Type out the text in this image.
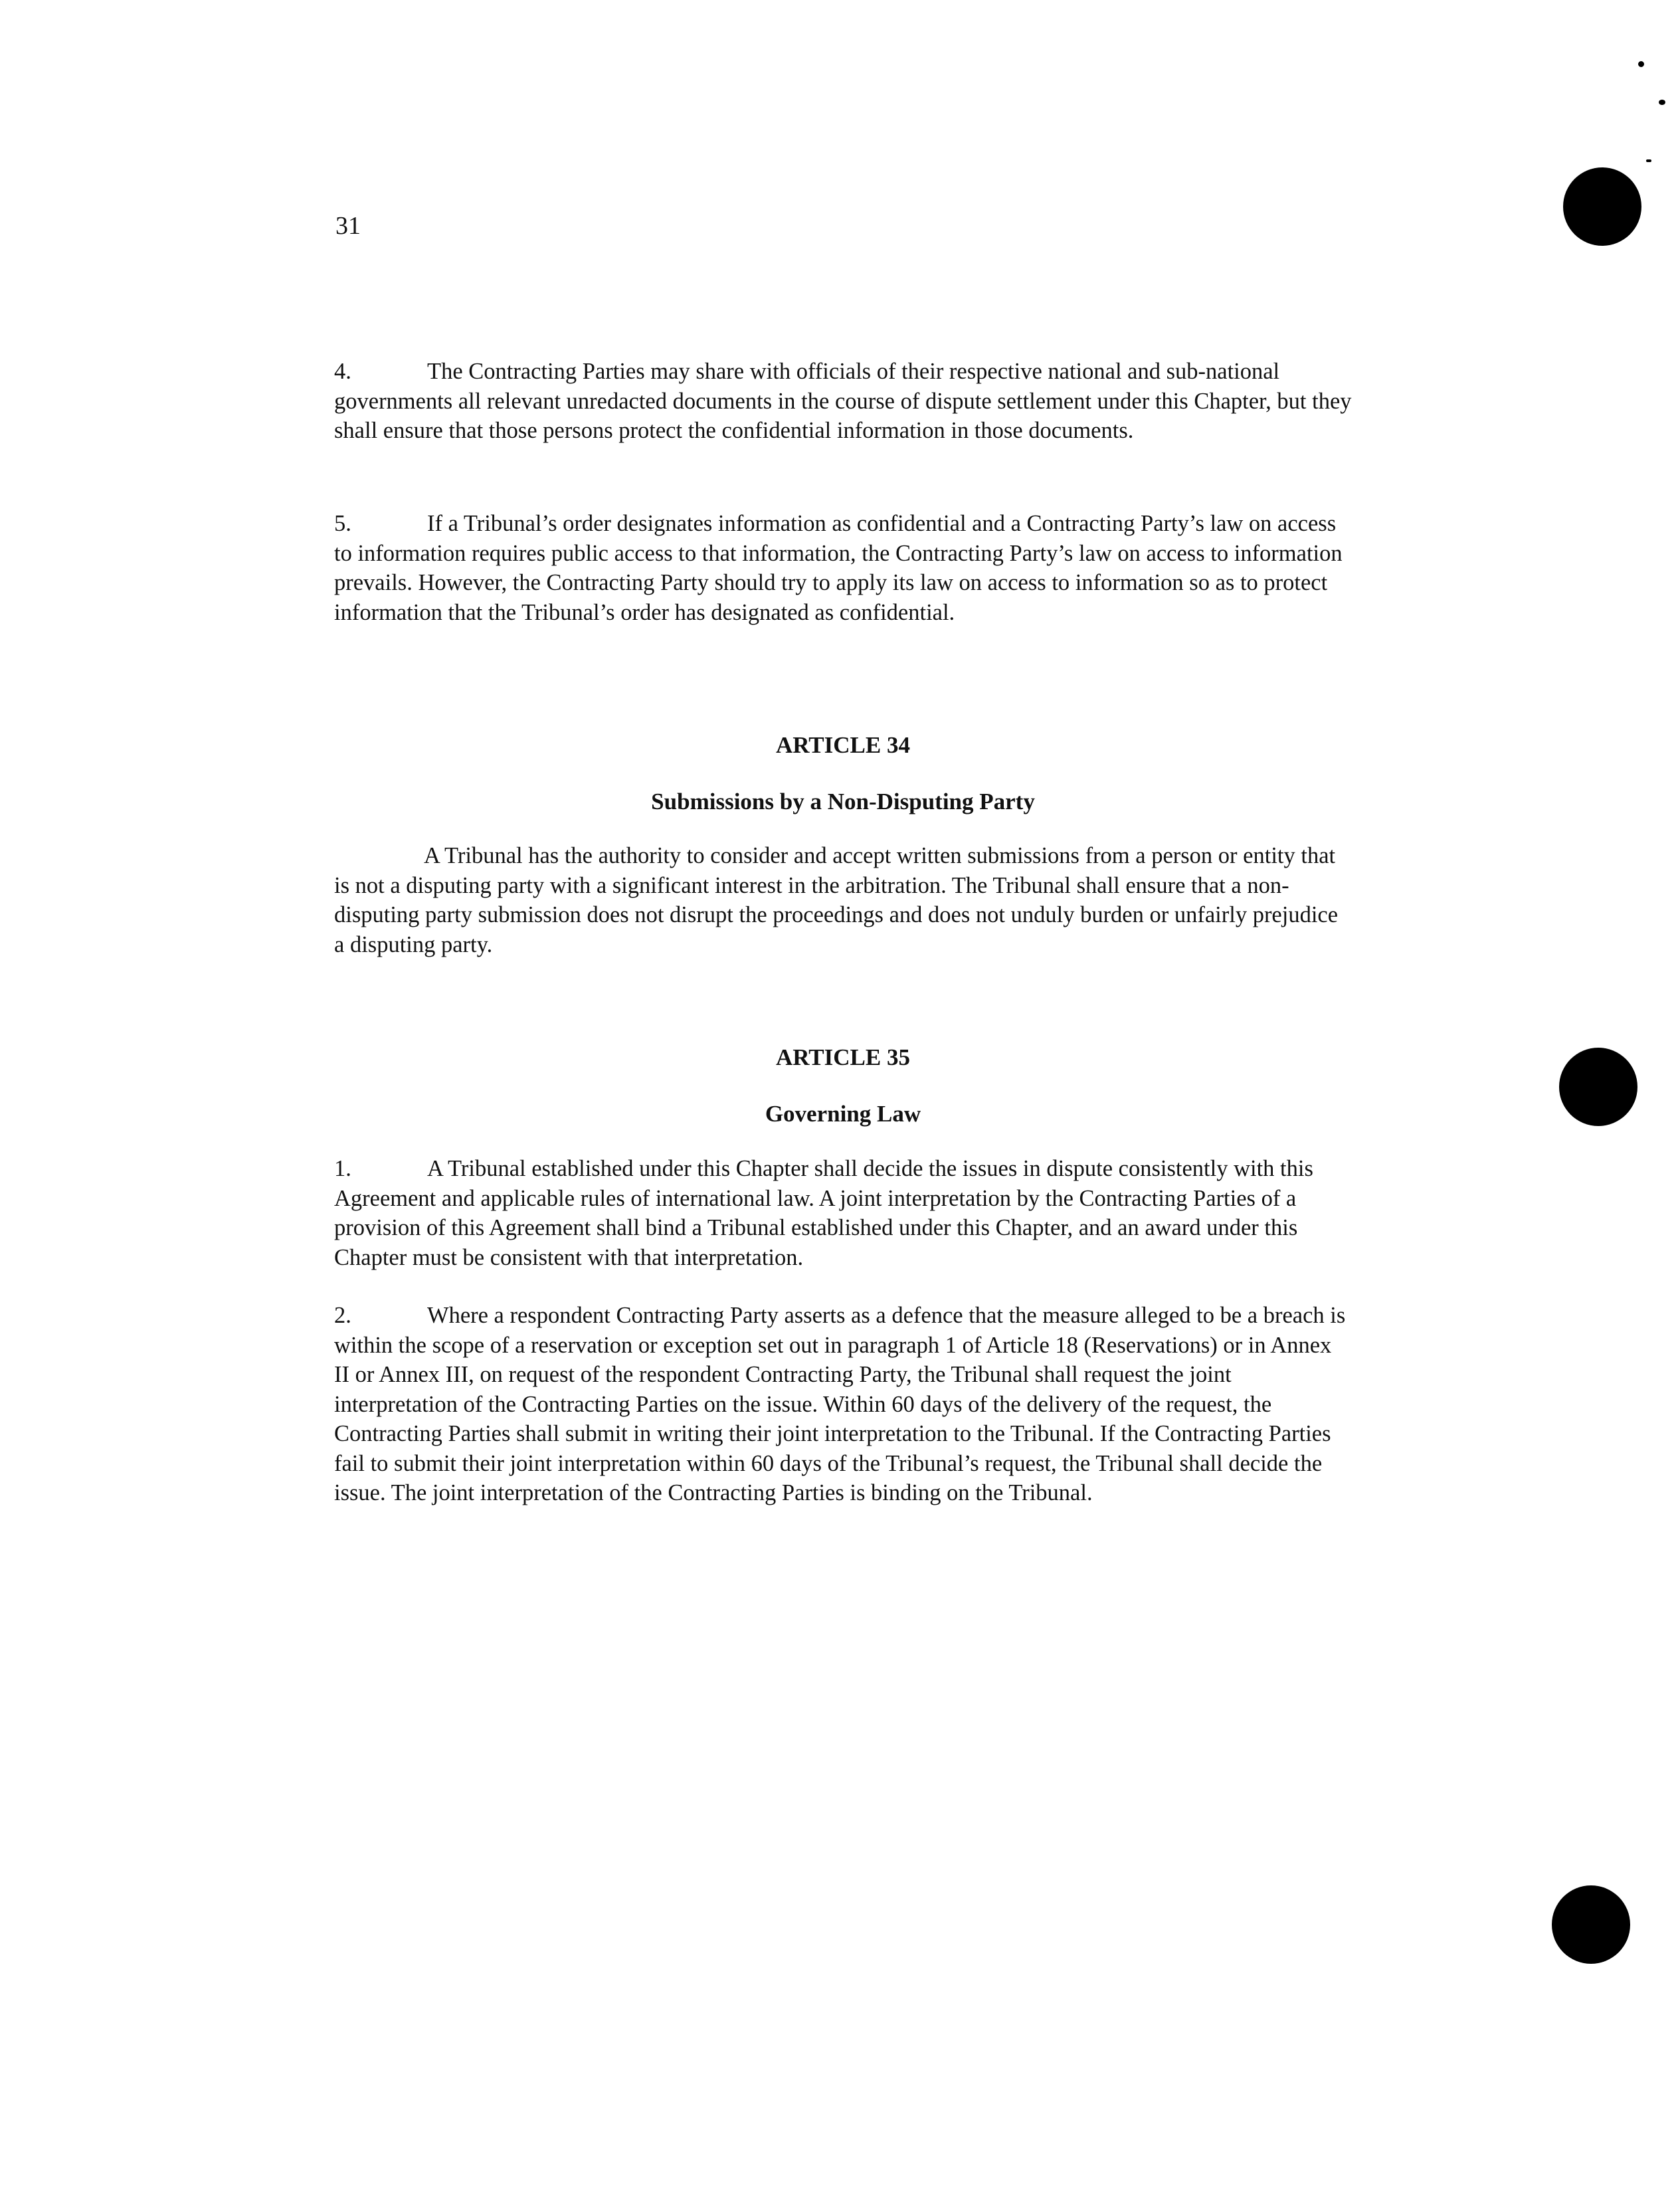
31
4.	The Contracting Parties may share with officials of their respective national and sub-national governments all relevant unredacted documents in the course of dispute settlement under this Chapter, but they shall ensure that those persons protect the confidential information in those documents.
5.	If a Tribunal’s order designates information as confidential and a Contracting Party’s law on access to information requires public access to that information, the Contracting Party’s law on access to information prevails. However, the Contracting Party should try to apply its law on access to information so as to protect information that the Tribunal’s order has designated as confidential.
ARTICLE 34
Submissions by a Non-Disputing Party
A Tribunal has the authority to consider and accept written submissions from a person or entity that is not a disputing party with a significant interest in the arbitration. The Tribunal shall ensure that a non-disputing party submission does not disrupt the proceedings and does not unduly burden or unfairly prejudice a disputing party.
ARTICLE 35
Governing Law
1.	A Tribunal established under this Chapter shall decide the issues in dispute consistently with this Agreement and applicable rules of international law. A joint interpretation by the Contracting Parties of a provision of this Agreement shall bind a Tribunal established under this Chapter, and an award under this Chapter must be consistent with that interpretation.
2.	Where a respondent Contracting Party asserts as a defence that the measure alleged to be a breach is within the scope of a reservation or exception set out in paragraph 1 of Article 18 (Reservations) or in Annex II or Annex III, on request of the respondent Contracting Party, the Tribunal shall request the joint interpretation of the Contracting Parties on the issue. Within 60 days of the delivery of the request, the Contracting Parties shall submit in writing their joint interpretation to the Tribunal. If the Contracting Parties fail to submit their joint interpretation within 60 days of the Tribunal’s request, the Tribunal shall decide the issue. The joint interpretation of the Contracting Parties is binding on the Tribunal.
